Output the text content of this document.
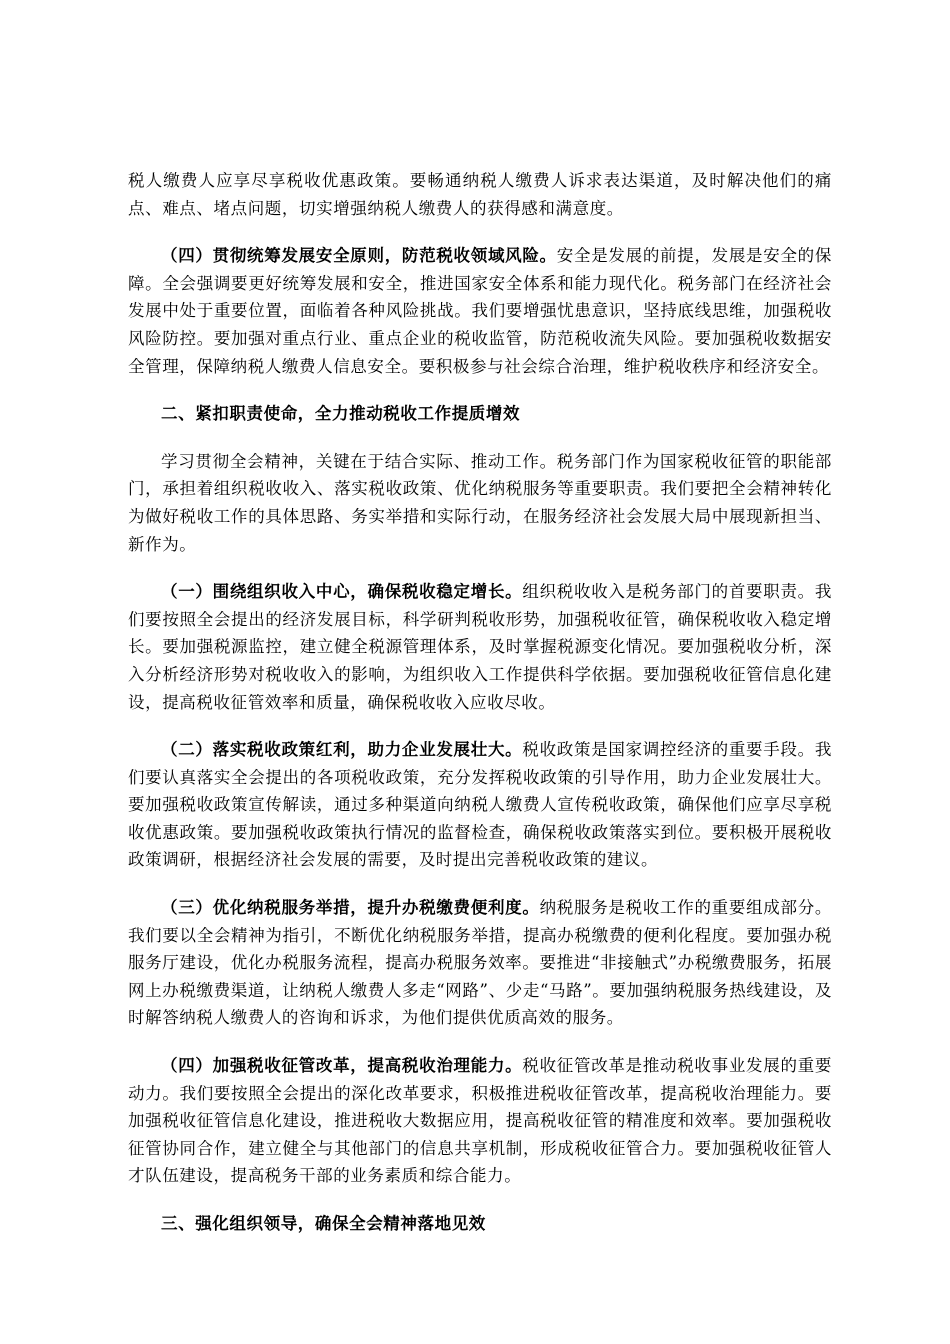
税人缴费人应享尽享税收优惠政策。要畅通纳税人缴费人诉求表达渠道，及时解决他们的痛点、难点、堵点问题，切实增强纳税人缴费人的获得感和满意度。

（四）贯彻统筹发展安全原则，防范税收领域风险。安全是发展的前提，发展是安全的保障。全会强调要更好统筹发展和安全，推进国家安全体系和能力现代化。税务部门在经济社会发展中处于重要位置，面临着各种风险挑战。我们要增强忧患意识，坚持底线思维，加强税收风险防控。要加强对重点行业、重点企业的税收监管，防范税收流失风险。要加强税收数据安全管理，保障纳税人缴费人信息安全。要积极参与社会综合治理，维护税收秩序和经济安全。

二、紧扣职责使命，全力推动税收工作提质增效

学习贯彻全会精神，关键在于结合实际、推动工作。税务部门作为国家税收征管的职能部门，承担着组织税收收入、落实税收政策、优化纳税服务等重要职责。我们要把全会精神转化为做好税收工作的具体思路、务实举措和实际行动，在服务经济社会发展大局中展现新担当、新作为。

（一）围绕组织收入中心，确保税收稳定增长。组织税收收入是税务部门的首要职责。我们要按照全会提出的经济发展目标，科学研判税收形势，加强税收征管，确保税收收入稳定增长。要加强税源监控，建立健全税源管理体系，及时掌握税源变化情况。要加强税收分析，深入分析经济形势对税收收入的影响，为组织收入工作提供科学依据。要加强税收征管信息化建设，提高税收征管效率和质量，确保税收收入应收尽收。

（二）落实税收政策红利，助力企业发展壮大。税收政策是国家调控经济的重要手段。我们要认真落实全会提出的各项税收政策，充分发挥税收政策的引导作用，助力企业发展壮大。要加强税收政策宣传解读，通过多种渠道向纳税人缴费人宣传税收政策，确保他们应享尽享税收优惠政策。要加强税收政策执行情况的监督检查，确保税收政策落实到位。要积极开展税收政策调研，根据经济社会发展的需要，及时提出完善税收政策的建议。

（三）优化纳税服务举措，提升办税缴费便利度。纳税服务是税收工作的重要组成部分。我们要以全会精神为指引，不断优化纳税服务举措，提高办税缴费的便利化程度。要加强办税服务厅建设，优化办税服务流程，提高办税服务效率。要推进“非接触式”办税缴费服务，拓展网上办税缴费渠道，让纳税人缴费人多走“网路”、少走“马路”。要加强纳税服务热线建设，及时解答纳税人缴费人的咨询和诉求，为他们提供优质高效的服务。

（四）加强税收征管改革，提高税收治理能力。税收征管改革是推动税收事业发展的重要动力。我们要按照全会提出的深化改革要求，积极推进税收征管改革，提高税收治理能力。要加强税收征管信息化建设，推进税收大数据应用，提高税收征管的精准度和效率。要加强税收征管协同合作，建立健全与其他部门的信息共享机制，形成税收征管合力。要加强税收征管人才队伍建设，提高税务干部的业务素质和综合能力。

三、强化组织领导，确保全会精神落地见效
